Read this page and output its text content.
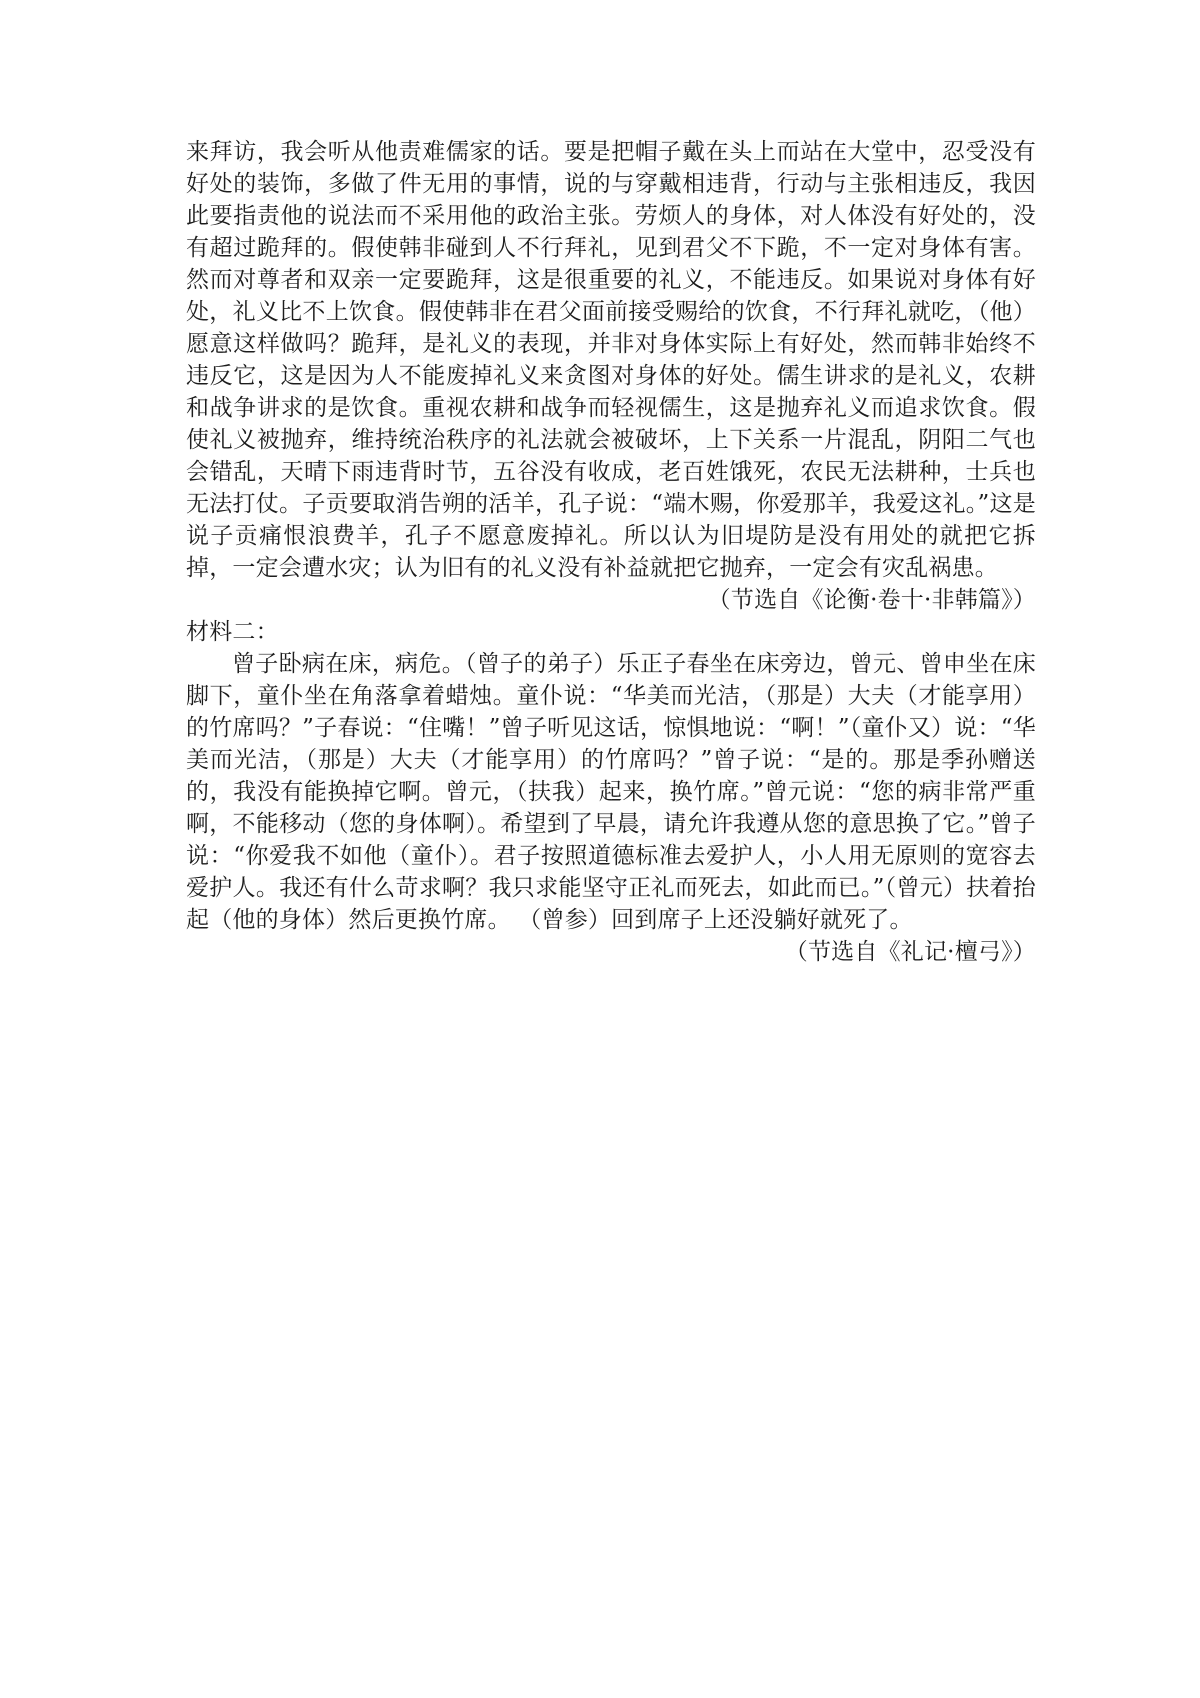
来拜访，我会听从他责难儒家的话。要是把帽子戴在头上而站在大堂中，忍受没有好处的装饰，多做了件无用的事情，说的与穿戴相违背，行动与主张相违反，我因此要指责他的说法而不采用他的政治主张。劳烦人的身体，对人体没有好处的，没有超过跪拜的。假使韩非碰到人不行拜礼，见到君父不下跪，不一定对身体有害。然而对尊者和双亲一定要跪拜，这是很重要的礼义，不能违反。如果说对身体有好处，礼义比不上饮食。假使韩非在君父面前接受赐给的饮食，不行拜礼就吃，（他）愿意这样做吗？跪拜，是礼义的表现，并非对身体实际上有好处，然而韩非始终不违反它，这是因为人不能废掉礼义来贪图对身体的好处。儒生讲求的是礼义，农耕和战争讲求的是饮食。重视农耕和战争而轻视儒生，这是抛弃礼义而追求饮食。假使礼义被抛弃，维持统治秩序的礼法就会被破坏，上下关系一片混乱，阴阳二气也会错乱，天晴下雨违背时节，五谷没有收成，老百姓饿死，农民无法耕种，士兵也无法打仗。子贡要取消告朔的活羊，孔子说：“端木赐，你爱那羊，我爱这礼。”这是说子贡痛恨浪费羊，孔子不愿意废掉礼。所以认为旧堤防是没有用处的就把它拆掉，一定会遭水灾；认为旧有的礼义没有补益就把它抛弃，一定会有灾乱祸患。

（节选自《论衡·卷十·非韩篇》）

材料二：

曾子卧病在床，病危。（曾子的弟子）乐正子春坐在床旁边，曾元、曾申坐在床脚下，童仆坐在角落拿着蜡烛。童仆说：“华美而光洁，（那是）大夫（才能享用）的竹席吗？”子春说：“住嘴！”曾子听见这话，惊惧地说：“啊！”（童仆又）说：“华美而光洁，（那是）大夫（才能享用）的竹席吗？”曾子说：“是的。那是季孙赠送的，我没有能换掉它啊。曾元，（扶我）起来，换竹席。”曾元说：“您的病非常严重啊，不能移动（您的身体啊）。希望到了早晨，请允许我遵从您的意思换了它。”曾子说：“你爱我不如他（童仆）。君子按照道德标准去爱护人，小人用无原则的宽容去爱护人。我还有什么苛求啊？我只求能坚守正礼而死去，如此而已。”（曾元）扶着抬起（他的身体）然后更换竹席。 （曾参）回到席子上还没躺好就死了。

（节选自《礼记·檀弓》）
